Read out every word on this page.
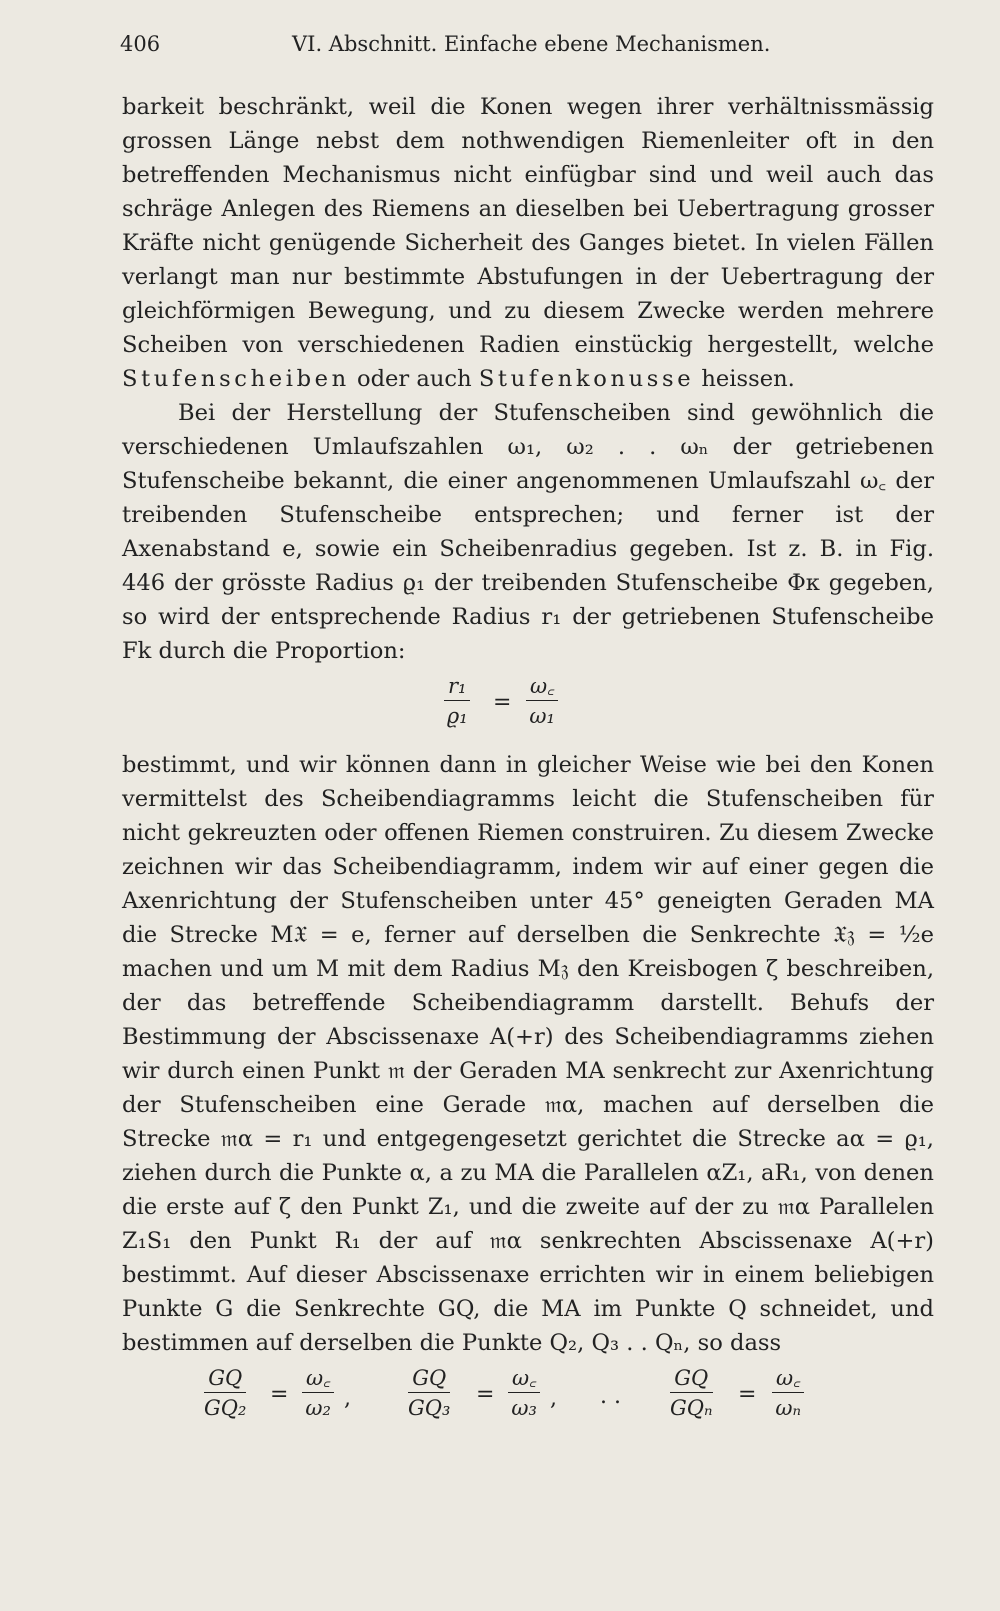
406	VI. Abschnitt. Einfache ebene Mechanismen.

barkeit beschränkt, weil die Konen wegen ihrer verhältnissmässig grossen Länge nebst dem nothwendigen Riemenleiter oft in den betreffenden Mechanismus nicht einfügbar sind und weil auch das schräge Anlegen des Riemens an dieselben bei Uebertragung grosser Kräfte nicht genügende Sicherheit des Ganges bietet. In vielen Fällen verlangt man nur bestimmte Abstufungen in der Uebertragung der gleichförmigen Bewegung, und zu diesem Zwecke werden mehrere Scheiben von verschiedenen Radien einstückig hergestellt, welche Stufenscheiben oder auch Stufenkonusse heissen.

Bei der Herstellung der Stufenscheiben sind gewöhnlich die verschiedenen Umlaufszahlen ω₁, ω₂ . . ωₙ der getriebenen Stufenscheibe bekannt, die einer angenommenen Umlaufszahl ω꜀ der treibenden Stufenscheibe entsprechen; und ferner ist der Axenabstand e, sowie ein Scheibenradius gegeben. Ist z. B. in Fig. 446 der grösste Radius ϱ₁ der treibenden Stufenscheibe Φκ gegeben, so wird der entsprechende Radius r₁ der getriebenen Stufenscheibe Fk durch die Proportion:

$\frac{\text{r₁}}{\text{ϱ₁}} = \frac{\omega꜀}{\text{ω₁}}$

bestimmt, und wir können dann in gleicher Weise wie bei den Konen vermittelst des Scheibendiagramms leicht die Stufenscheiben für nicht gekreuzten oder offenen Riemen construiren. Zu diesem Zwecke zeichnen wir das Scheibendiagramm, indem wir auf einer gegen die Axenrichtung der Stufenscheiben unter 45° geneigten Geraden MA die Strecke M𝔛 = e, ferner auf derselben die Senkrechte 𝔛𝔷 = ½e machen und um M mit dem Radius M𝔷 den Kreisbogen ζ beschreiben, der das betreffende Scheibendiagramm darstellt. Behufs der Bestimmung der Abscissenaxe A(+r) des Scheibendiagramms ziehen wir durch einen Punkt 𝔪 der Geraden MA senkrecht zur Axenrichtung der Stufenscheiben eine Gerade 𝔪α, machen auf derselben die Strecke 𝔪α = r₁ und entgegengesetzt gerichtet die Strecke aα = ϱ₁, ziehen durch die Punkte α, a zu MA die Parallelen αZ₁, aR₁, von denen die erste auf ζ den Punkt Z₁, und die zweite auf der zu 𝔪α Parallelen Z₁S₁ den Punkt R₁ der auf 𝔪α senkrechten Abscissenaxe A(+r) bestimmt. Auf dieser Abscissenaxe errichten wir in einem beliebigen Punkte G die Senkrechte GQ, die MA im Punkte Q schneidet, und bestimmen auf derselben die Punkte Q₂, Q₃ . . Qₙ, so dass

$\frac{GQ}{\text{GQ₂}} = \frac{\omega꜀}{\text{ω₂}}$ ,	$\frac{GQ}{\text{GQ₃}} = \frac{\omega꜀}{\text{ω₃}}$ , . .
GQ
GQₙ
= $\frac{\omega꜀}{\text{ωₙ}}$
